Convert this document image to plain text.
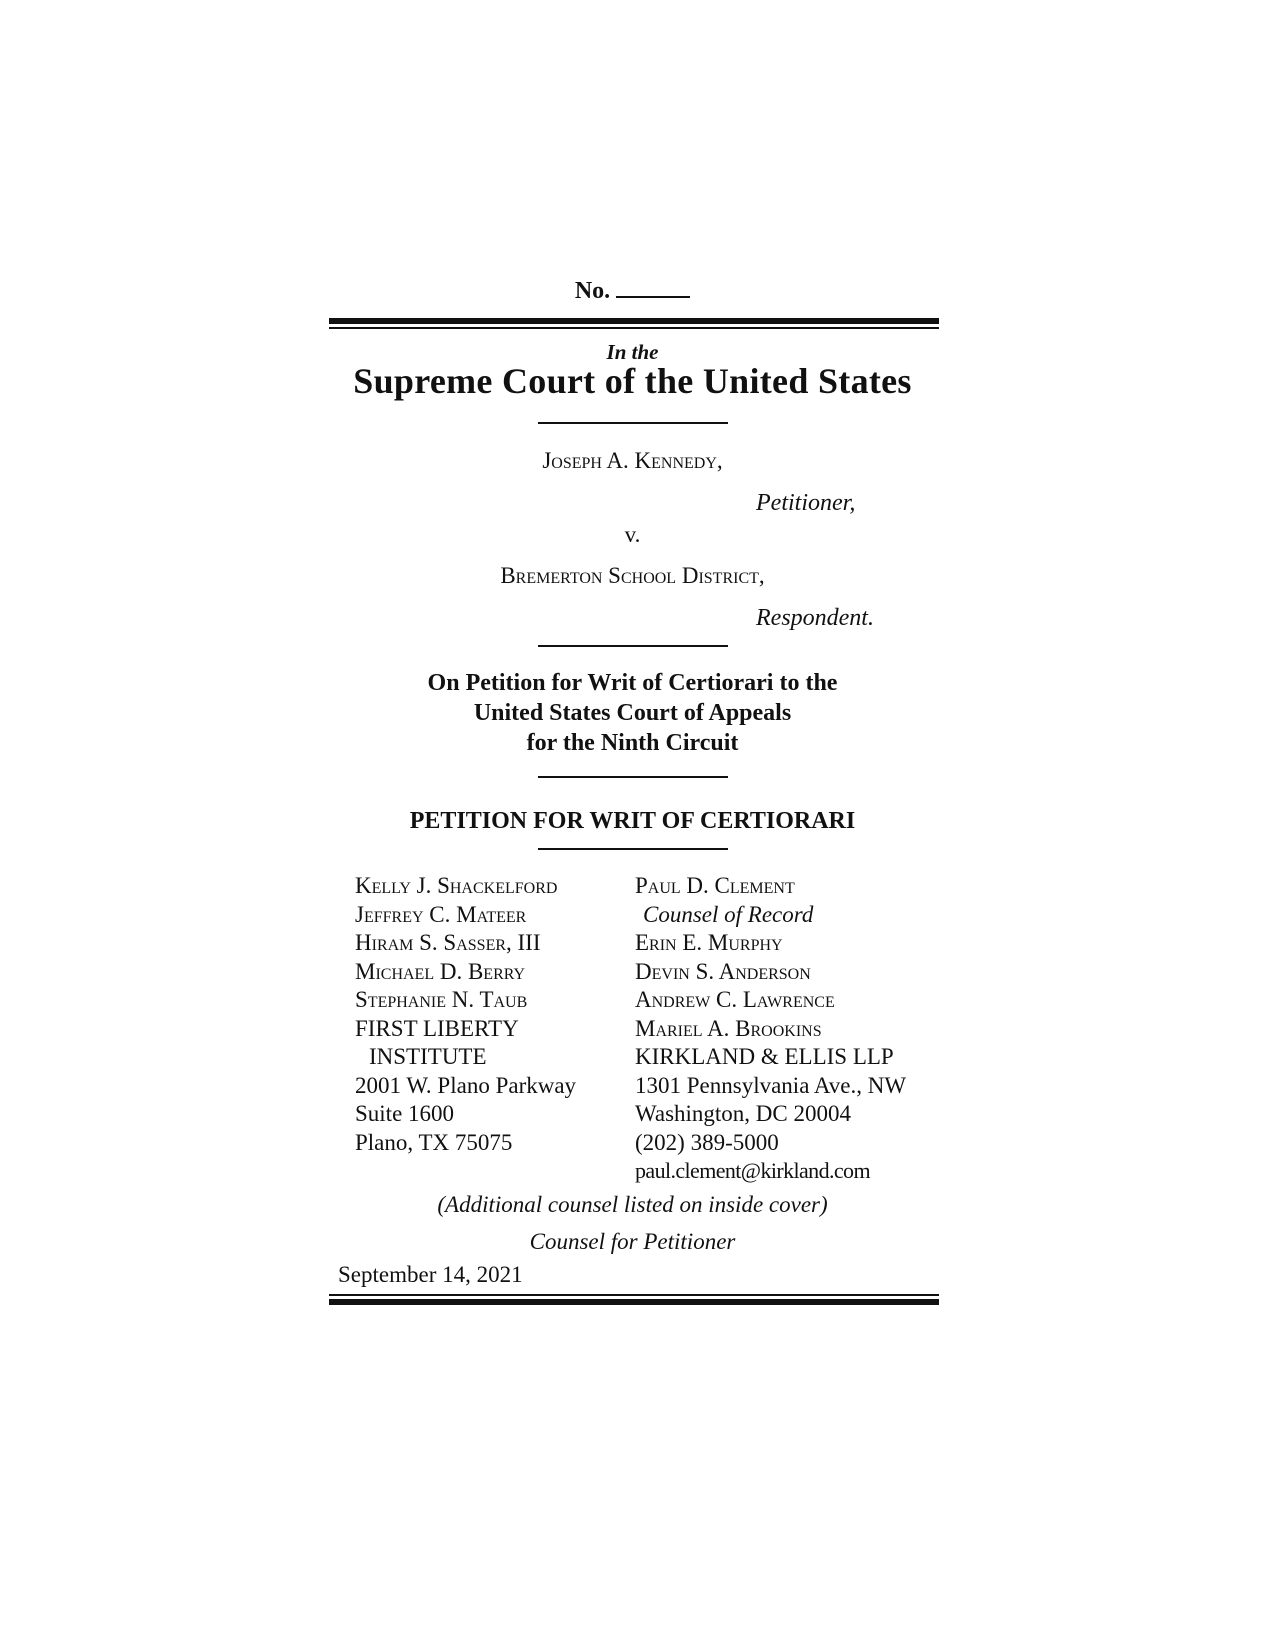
No.
In the
Supreme Court of the United States
Joseph A. Kennedy,
Petitioner,
v.
Bremerton School District,
Respondent.
On Petition for Writ of Certiorari to the
United States Court of Appeals
for the Ninth Circuit
PETITION FOR WRIT OF CERTIORARI
Kelly J. Shackelford
Jeffrey C. Mateer
Hiram S. Sasser, III
Michael D. Berry
Stephanie N. Taub
FIRST LIBERTY
INSTITUTE
2001 W. Plano Parkway
Suite 1600
Plano, TX 75075
Paul D. Clement
Counsel of Record
Erin E. Murphy
Devin S. Anderson
Andrew C. Lawrence
Mariel A. Brookins
KIRKLAND & ELLIS LLP
1301 Pennsylvania Ave., NW
Washington, DC 20004
(202) 389-5000
paul.clement@kirkland.com
(Additional counsel listed on inside cover)
Counsel for Petitioner
September 14, 2021
